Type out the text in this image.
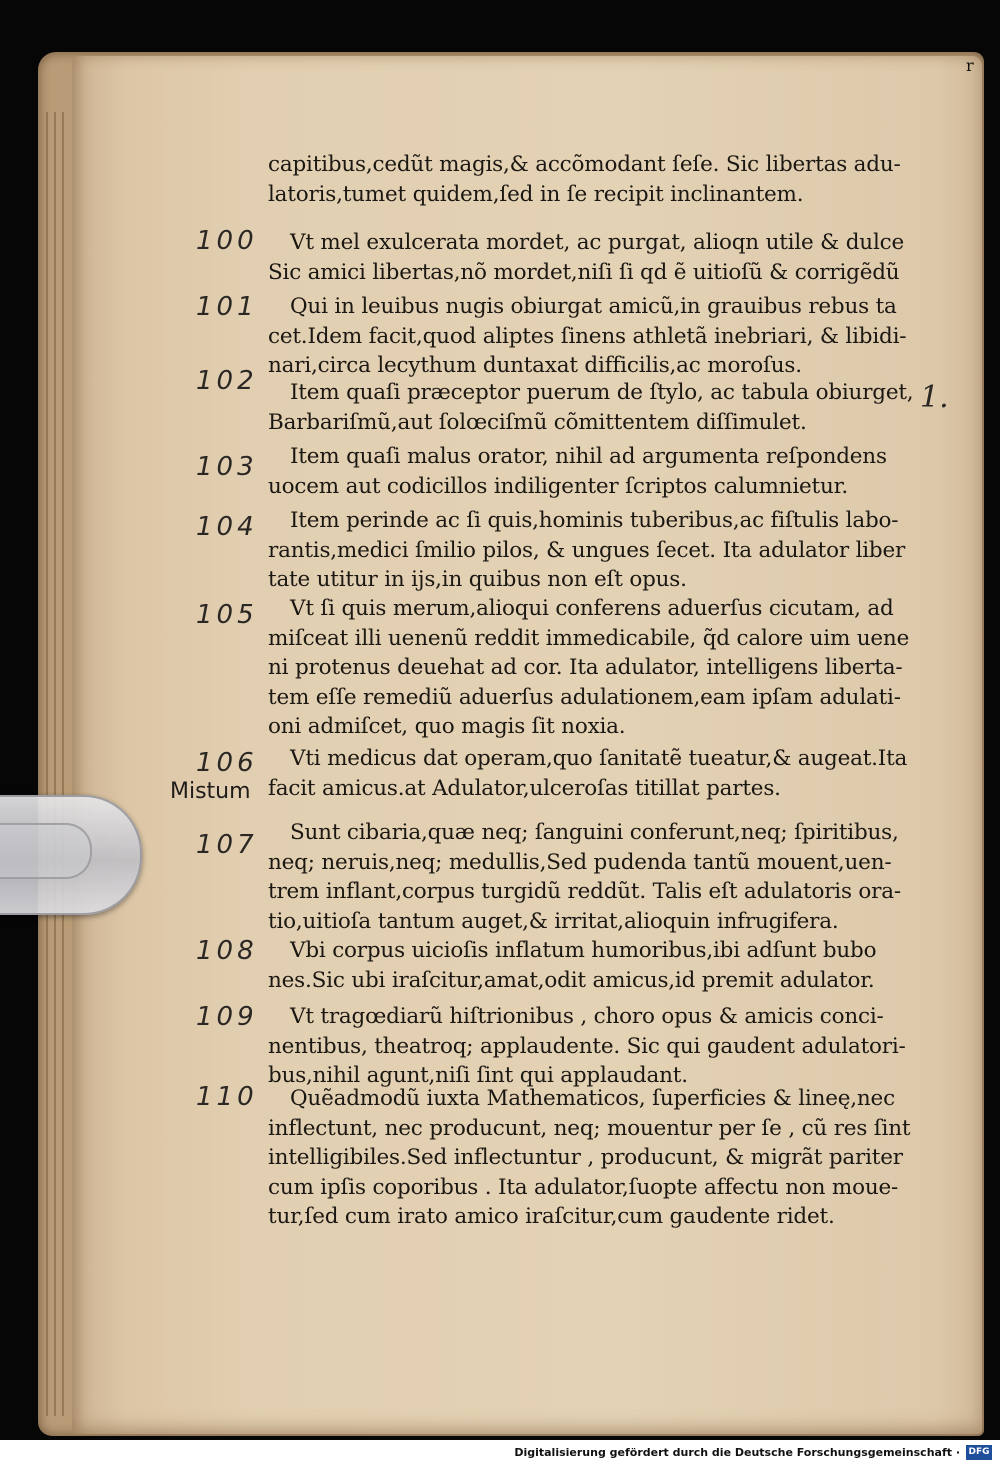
r
capitibus,cedũt magis,& accõmodant ſeſe. Sic libertas adu-
latoris,tumet quidem,ſed in ſe recipit inclinantem.
Vt mel exulcerata mordet, ac purgat, alioqn utile & dulce
Sic amici libertas,nõ mordet,niſi ſi qd ẽ uitioſũ & corrigẽdũ
Qui in leuibus nugis obiurgat amicũ,in grauibus rebus ta
cet.Idem facit,quod aliptes ſinens athletã inebriari, & libidi-
nari,circa lecythum duntaxat difficilis,ac moroſus.
Item quaſi præceptor puerum de ſtylo, ac tabula obiurget,
Barbariſmũ,aut ſolœciſmũ cõmittentem diſſimulet.
Item quaſi malus orator, nihil ad argumenta reſpondens
uocem aut codicillos indiligenter ſcriptos calumnietur.
Item perinde ac ſi quis,hominis tuberibus,ac fiſtulis labo-
rantis,medici ſmilio pilos, & ungues ſecet. Ita adulator liber
tate utitur in ijs,in quibus non eſt opus.
Vt ſi quis merum,alioqui conferens aduerſus cicutam, ad
miſceat illi uenenũ reddit immedicabile, q̃d calore uim uene
ni protenus deuehat ad cor. Ita adulator, intelligens liberta-
tem eſſe remediũ aduerſus adulationem,eam ipſam adulati-
oni admiſcet, quo magis ſit noxia.
Vti medicus dat operam,quo ſanitatẽ tueatur,& augeat.Ita
facit amicus.at Adulator,ulceroſas titillat partes.
Sunt cibaria,quæ neq; ſanguini conferunt,neq; ſpiritibus,
neq; neruis,neq; medullis,Sed pudenda tantũ mouent,uen-
trem inflant,corpus turgidũ reddũt. Talis eſt adulatoris ora-
tio,uitioſa tantum auget,& irritat,alioquin infrugifera.
Vbi corpus uicioſis inflatum humoribus,ibi adſunt bubo
nes.Sic ubi iraſcitur,amat,odit amicus,id premit adulator.
Vt tragœdiarũ hiſtrionibus , choro opus & amicis conci-
nentibus, theatroq; applaudente. Sic qui gaudent adulatori-
bus,nihil agunt,niſi ſint qui applaudant.
Quẽadmodũ iuxta Mathematicos, ſuperficies & lineę,nec
inflectunt, nec producunt, neq; mouentur per ſe , cũ res ſint
intelligibiles.Sed inflectuntur , producunt, & migrãt pariter
cum ipſis coporibus . Ita adulator,ſuopte affectu non moue-
tur,ſed cum irato amico iraſcitur,cum gaudente ridet.
100
101
102
103
104
105
106
Mistum
107
108
109
110
1.
Digitalisierung gefördert durch die Deutsche Forschungsgemeinschaft · DFG
